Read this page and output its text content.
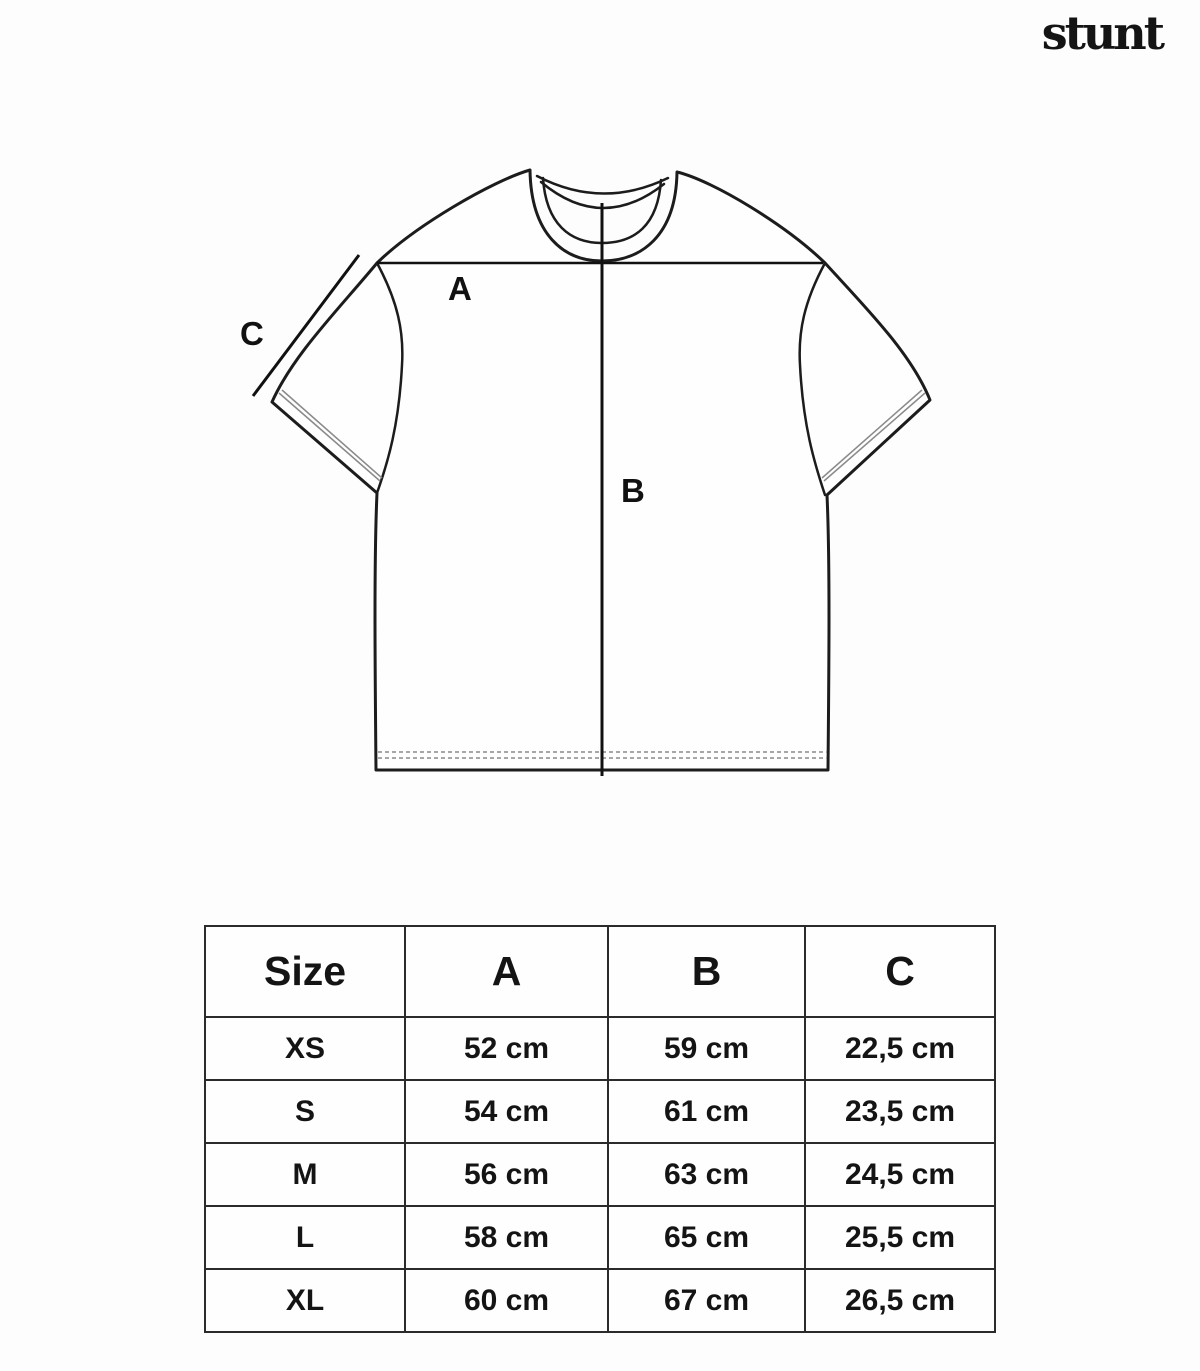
stunt
A
B
C
Size	A	B	C
XS	52 cm	59 cm	22,5 cm
S	54 cm	61 cm	23,5 cm
M	56 cm	63 cm	24,5 cm
L	58 cm	65 cm	25,5 cm
XL	60 cm	67 cm	26,5 cm
